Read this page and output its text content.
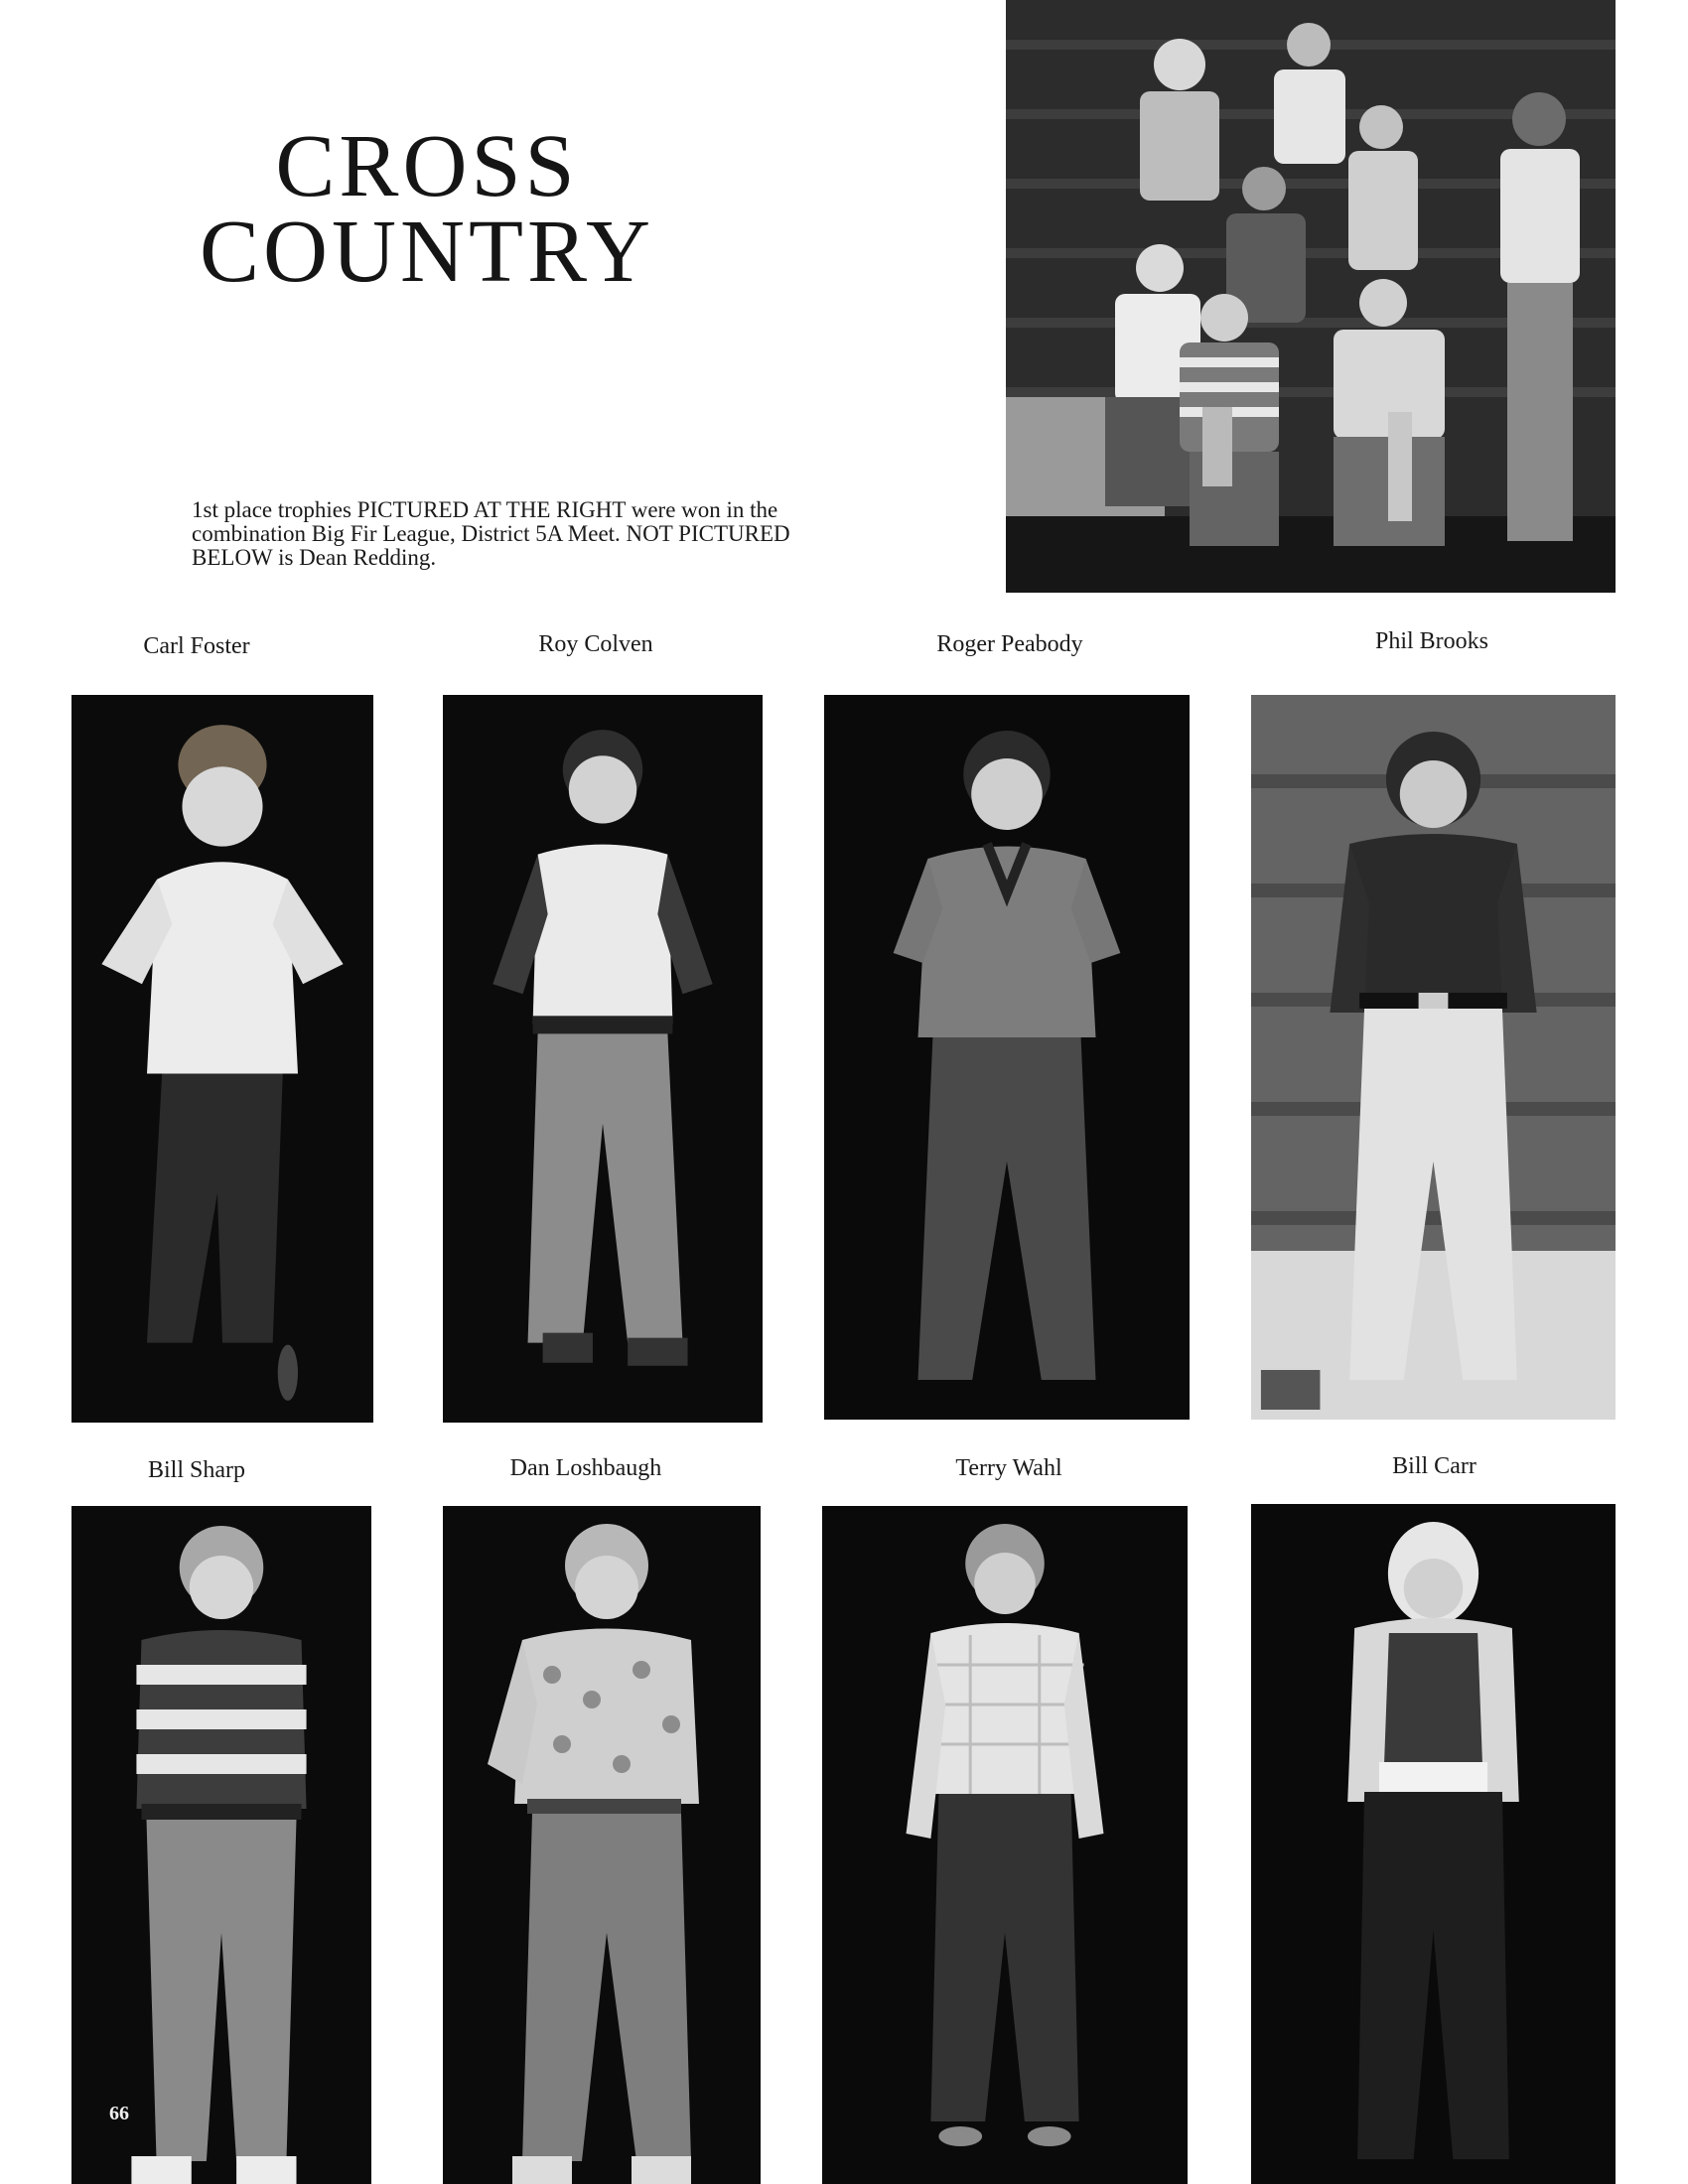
CROSS
COUNTRY
1st place trophies PICTURED AT THE RIGHT were won in the combination Big Fir League, District 5A Meet. NOT PICTURED BELOW is Dean Redding.
Carl Foster	Roy Colven	Roger Peabody	Phil Brooks
Bill Sharp	Dan Loshbaugh	Terry Wahl	Bill Carr
66
